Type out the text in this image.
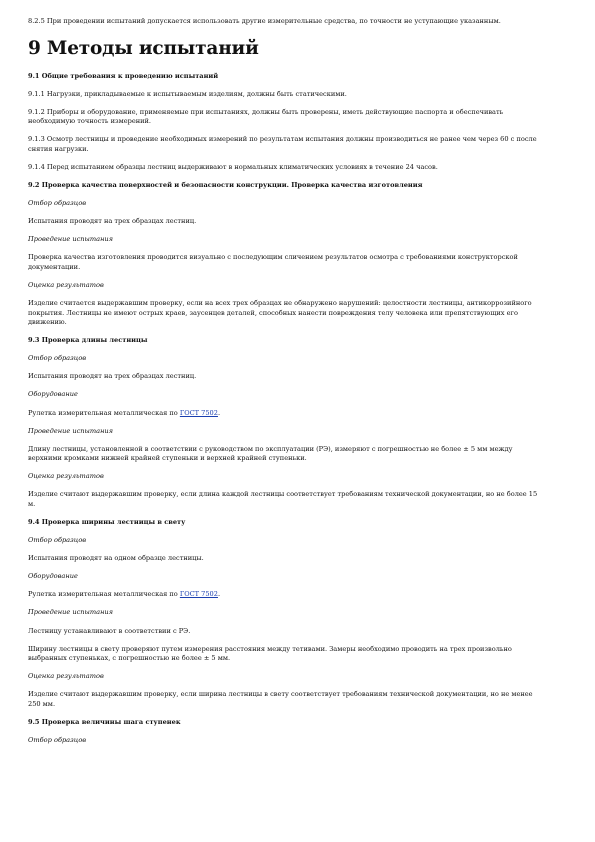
8.2.5 При проведении испытаний допускается использовать другие измерительные средства, по точности не уступающие указанным.

9 Методы испытаний

9.1 Общие требования к проведению испытаний

9.1.1 Нагрузки, прикладываемые к испытываемым изделиям, должны быть статическими.

9.1.2 Приборы и оборудование, применяемые при испытаниях, должны быть проверены, иметь действующие паспорта и обеспечивать необходимую точность измерений.

9.1.3 Осмотр лестницы и проведение необходимых измерений по результатам испытания должны производиться не ранее чем через 60 с после снятия нагрузки.

9.1.4 Перед испытанием образцы лестниц выдерживают в нормальных климатических условиях в течение 24 часов.

9.2 Проверка качества поверхностей и безопасности конструкции. Проверка качества изготовления

Отбор образцов

Испытания проводят на трех образцах лестниц.

Проведение испытания

Проверка качества изготовления проводится визуально с последующим сличением результатов осмотра с требованиями конструкторской документации.

Оценка результатов

Изделие считается выдержавшим проверку, если на всех трех образцах не обнаружено нарушений: целостности лестницы, антикоррозийного покрытия. Лестницы не имеют острых краев, заусенцев деталей, способных нанести повреждения телу человека или препятствующих его движению.

9.3 Проверка длины лестницы

Отбор образцов

Испытания проводят на трех образцах лестниц.

Оборудование

Рулетка измерительная металлическая по ГОСТ 7502.

Проведение испытания

Длину лестницы, установленной в соответствии с руководством по эксплуатации (РЭ), измеряют с погрешностью не более ± 5 мм между верхними кромками нижней крайней ступеньки и верхней крайней ступеньки.

Оценка результатов

Изделие считают выдержавшим проверку, если длина каждой лестницы соответствует требованиям технической документации, но не более 15 м.

9.4 Проверка ширины лестницы в свету

Отбор образцов

Испытания проводят на одном образце лестницы.

Оборудование

Рулетка измерительная металлическая по ГОСТ 7502.

Проведение испытания

Лестницу устанавливают в соответствии с РЭ.

Ширину лестницы в свету проверяют путем измерения расстояния между тетивами. Замеры необходимо проводить на трех произвольно выбранных ступеньках, с погрешностью не более ± 5 мм.

Оценка результатов

Изделие считают выдержавшим проверку, если ширина лестницы в свету соответствует требованиям технической документации, но не менее 250 мм.

9.5 Проверка величины шага ступенек

Отбор образцов
